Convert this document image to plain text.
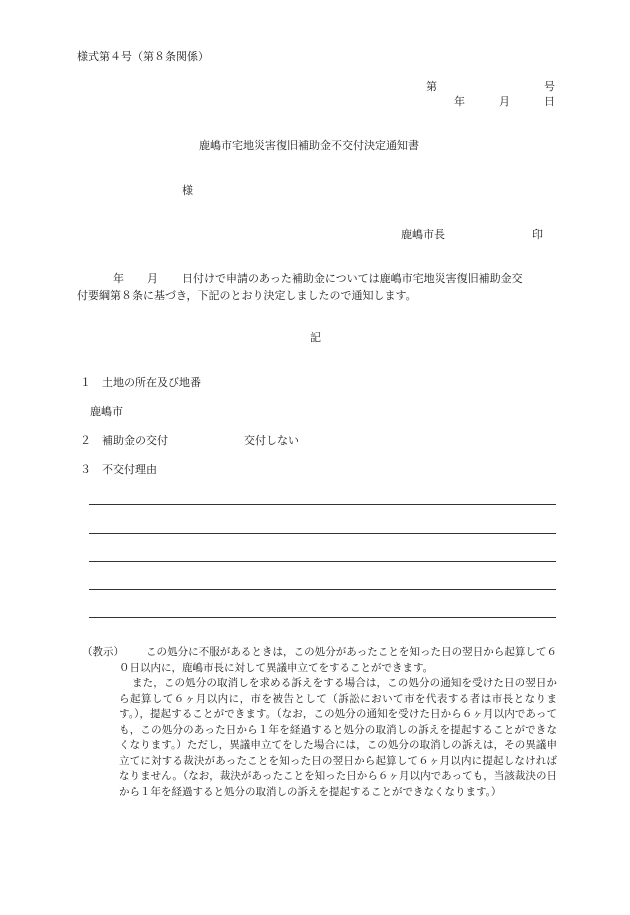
様式第４号（第８条関係）
第	号
年	月	日
鹿嶋市宅地災害復旧補助金不交付決定通知書
様
鹿嶋市長	印
年 月 日付けで申請のあった補助金については鹿嶋市宅地災害復旧補助金交
付要綱第８条に基づき，下記のとおり決定しましたので通知します。
記
１ 土地の所在及び地番
鹿嶋市
２ 補助金の交付	交付しない
３ 不交付理由
（教示）	この処分に不服があるときは，この処分があったことを知った日の翌日から起算して６０日以内に，鹿嶋市長に対して異議申立てをすることができます。
また，この処分の取消しを求める訴えをする場合は，この処分の通知を受けた日の翌日から起算して６ヶ月以内に，市を被告として（訴訟において市を代表する者は市長となります。），提起することができます。（なお，この処分の通知を受けた日から６ヶ月以内であっても，この処分のあった日から１年を経過すると処分の取消しの訴えを提起することができなくなります。）ただし，異議申立てをした場合には，この処分の取消しの訴えは，その異議申立てに対する裁決があったことを知った日の翌日から起算して６ヶ月以内に提起しなければなりません。（なお，裁決があったことを知った日から６ヶ月以内であっても，当該裁決の日から１年を経過すると処分の取消しの訴えを提起することができなくなります。）
